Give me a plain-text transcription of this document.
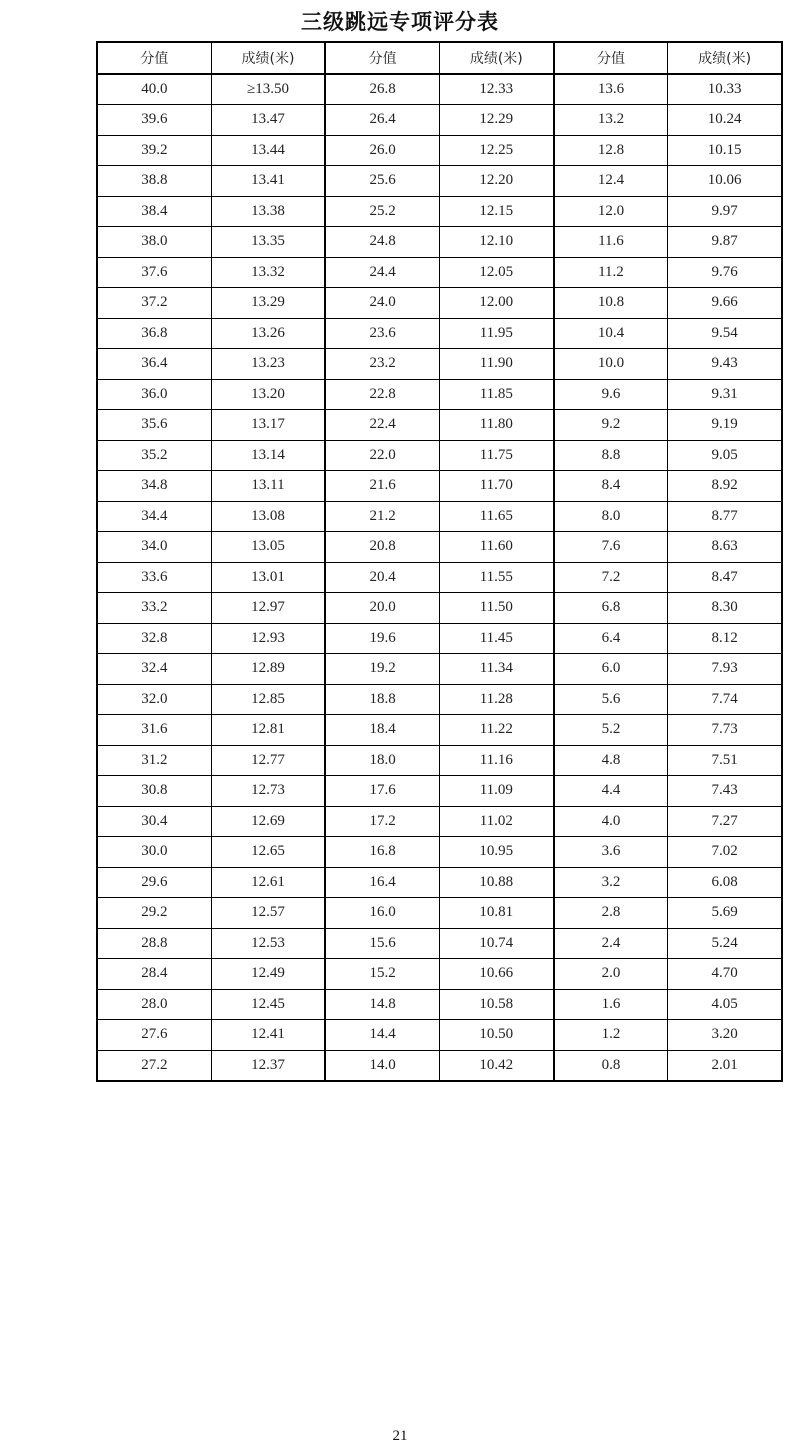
三级跳远专项评分表
分值	成绩(米)	分值	成绩(米)	分值	成绩(米)
40.0	≥13.50	26.8	12.33	13.6	10.33
39.6	13.47	26.4	12.29	13.2	10.24
39.2	13.44	26.0	12.25	12.8	10.15
38.8	13.41	25.6	12.20	12.4	10.06
38.4	13.38	25.2	12.15	12.0	9.97
38.0	13.35	24.8	12.10	11.6	9.87
37.6	13.32	24.4	12.05	11.2	9.76
37.2	13.29	24.0	12.00	10.8	9.66
36.8	13.26	23.6	11.95	10.4	9.54
36.4	13.23	23.2	11.90	10.0	9.43
36.0	13.20	22.8	11.85	9.6	9.31
35.6	13.17	22.4	11.80	9.2	9.19
35.2	13.14	22.0	11.75	8.8	9.05
34.8	13.11	21.6	11.70	8.4	8.92
34.4	13.08	21.2	11.65	8.0	8.77
34.0	13.05	20.8	11.60	7.6	8.63
33.6	13.01	20.4	11.55	7.2	8.47
33.2	12.97	20.0	11.50	6.8	8.30
32.8	12.93	19.6	11.45	6.4	8.12
32.4	12.89	19.2	11.34	6.0	7.93
32.0	12.85	18.8	11.28	5.6	7.74
31.6	12.81	18.4	11.22	5.2	7.73
31.2	12.77	18.0	11.16	4.8	7.51
30.8	12.73	17.6	11.09	4.4	7.43
30.4	12.69	17.2	11.02	4.0	7.27
30.0	12.65	16.8	10.95	3.6	7.02
29.6	12.61	16.4	10.88	3.2	6.08
29.2	12.57	16.0	10.81	2.8	5.69
28.8	12.53	15.6	10.74	2.4	5.24
28.4	12.49	15.2	10.66	2.0	4.70
28.0	12.45	14.8	10.58	1.6	4.05
27.6	12.41	14.4	10.50	1.2	3.20
27.2	12.37	14.0	10.42	0.8	2.01
21
